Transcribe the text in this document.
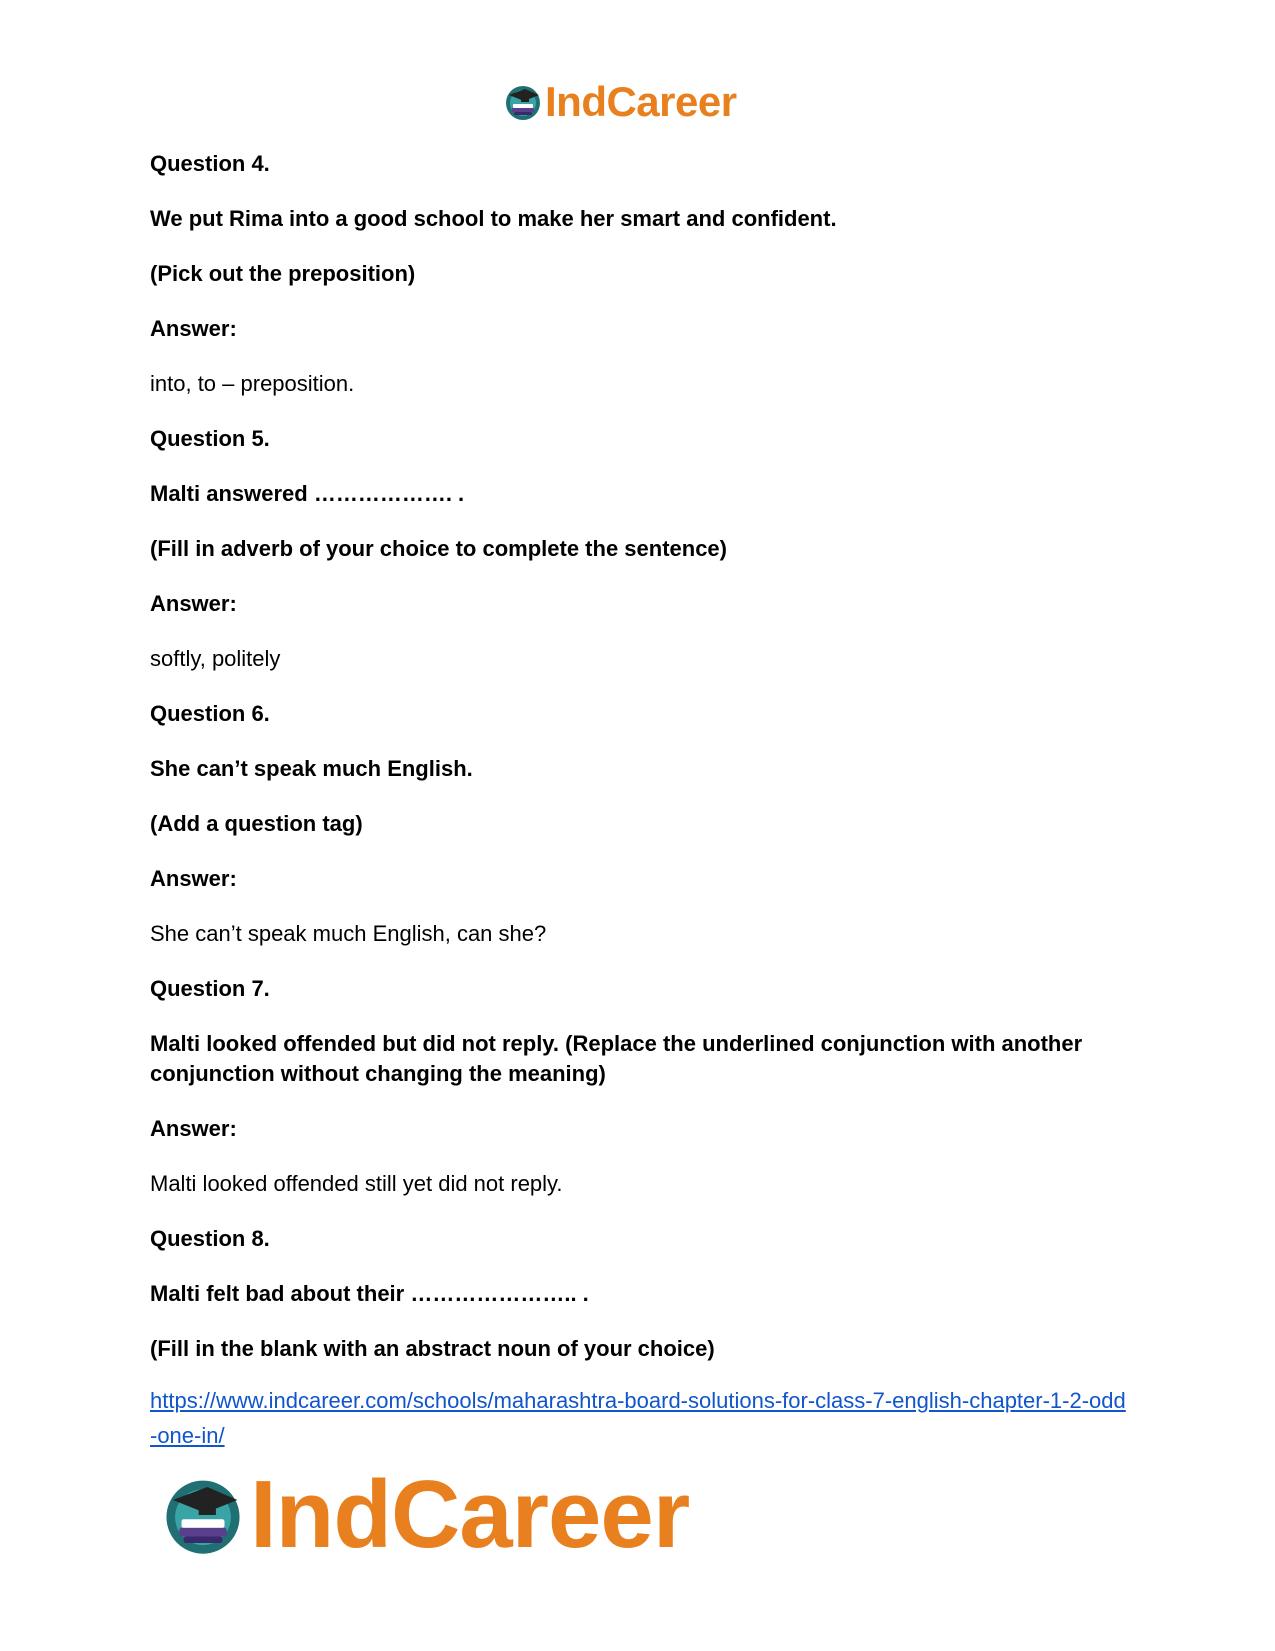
IndCareer

Question 4.

We put Rima into a good school to make her smart and confident.

(Pick out the preposition)

Answer:

into, to – preposition.

Question 5.

Malti answered ………………. .

(Fill in adverb of your choice to complete the sentence)

Answer:

softly, politely

Question 6.

She can’t speak much English.

(Add a question tag)

Answer:

She can’t speak much English, can she?

Question 7.

Malti looked offended but did not reply. (Replace the underlined conjunction with another conjunction without changing the meaning)

Answer:

Malti looked offended still yet did not reply.

Question 8.

Malti felt bad about their ………………….. .

(Fill in the blank with an abstract noun of your choice)

https://www.indcareer.com/schools/maharashtra-board-solutions-for-class-7-english-chapter-1-2-odd-one-in/
IndCareer
